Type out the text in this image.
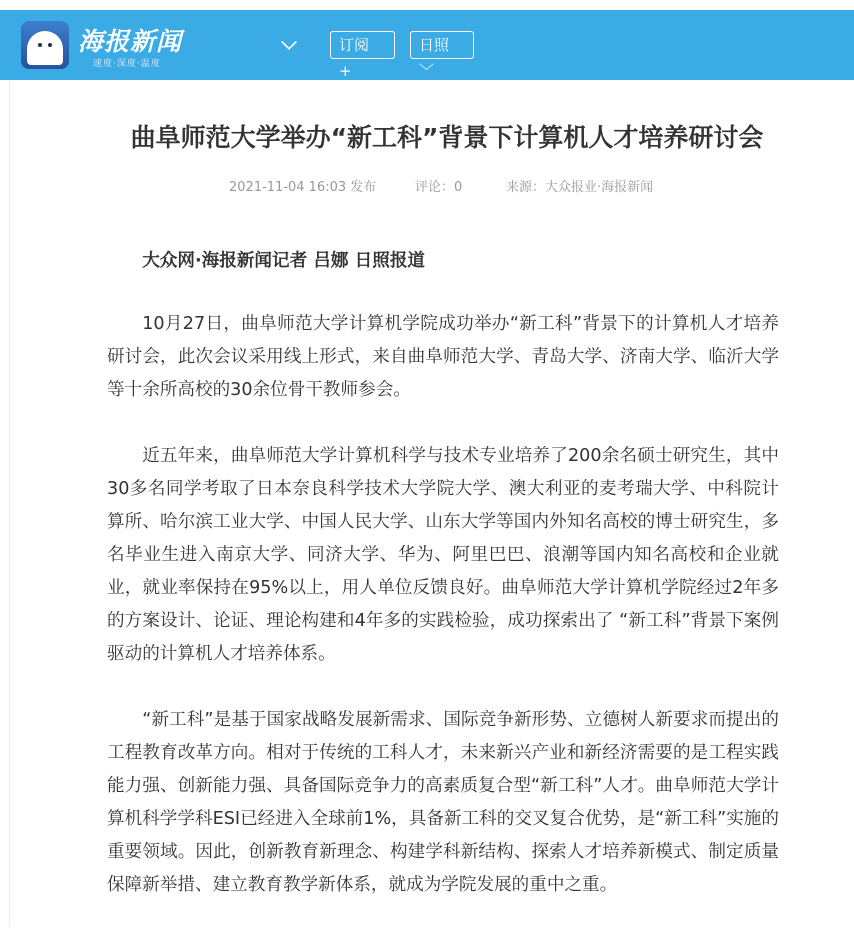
海报新闻
速度·深度·温度
订阅 +
日照 ﹀
曲阜师范大学举办“新工科”背景下计算机人才培养研讨会
2021-11-04 16:03 发布	评论：0	来源：大众报业·海报新闻

大众网·海报新闻记者 吕娜 日照报道

10月27日，曲阜师范大学计算机学院成功举办“新工科”背景下的计算机人才培养研讨会，此次会议采用线上形式，来自曲阜师范大学、青岛大学、济南大学、临沂大学等十余所高校的30余位骨干教师参会。

近五年来，曲阜师范大学计算机科学与技术专业培养了200余名硕士研究生，其中30多名同学考取了日本奈良科学技术大学院大学、澳大利亚的麦考瑞大学、中科院计算所、哈尔滨工业大学、中国人民大学、山东大学等国内外知名高校的博士研究生，多名毕业生进入南京大学、同济大学、华为、阿里巴巴、浪潮等国内知名高校和企业就业，就业率保持在95%以上，用人单位反馈良好。曲阜师范大学计算机学院经过2年多的方案设计、论证、理论构建和4年多的实践检验，成功探索出了 “新工科”背景下案例驱动的计算机人才培养体系。

“新工科”是基于国家战略发展新需求、国际竞争新形势、立德树人新要求而提出的工程教育改革方向。相对于传统的工科人才，未来新兴产业和新经济需要的是工程实践能力强、创新能力强、具备国际竞争力的高素质复合型“新工科”人才。曲阜师范大学计算机科学学科ESI已经进入全球前1%，具备新工科的交叉复合优势，是“新工科”实施的重要领域。因此，创新教育新理念、构建学科新结构、探索人才培养新模式、制定质量保障新举措、建立教育教学新体系，就成为学院发展的重中之重。
